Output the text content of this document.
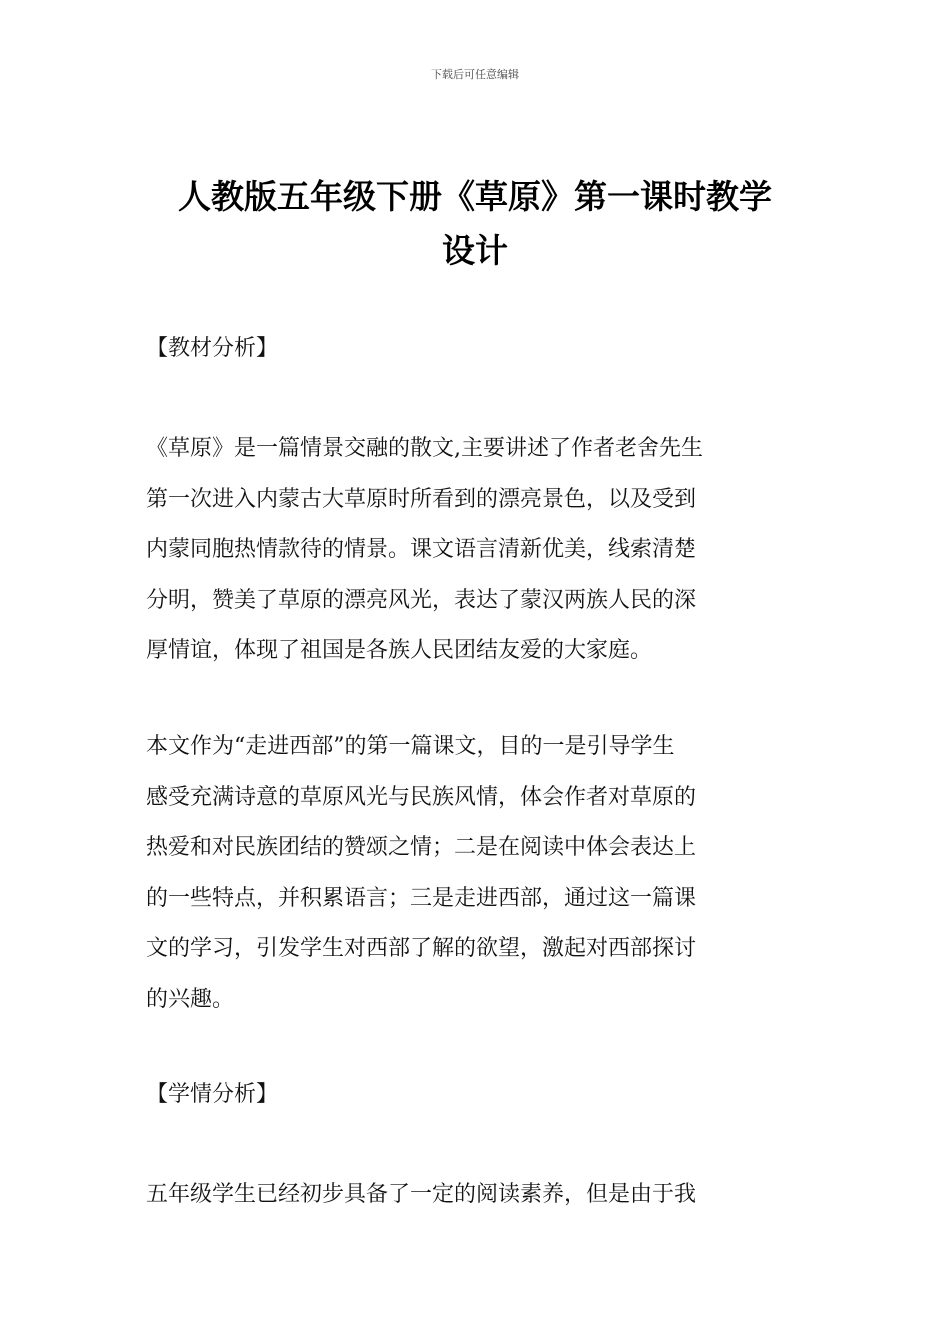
下载后可任意编辑
人教版五年级下册《草原》第一课时教学
设计
【教材分析】
《草原》是一篇情景交融的散文,主要讲述了作者老舍先生
第一次进入内蒙古大草原时所看到的漂亮景色，以及受到
内蒙同胞热情款待的情景。课文语言清新优美，线索清楚
分明，赞美了草原的漂亮风光，表达了蒙汉两族人民的深
厚情谊，体现了祖国是各族人民团结友爱的大家庭。
本文作为“走进西部”的第一篇课文，目的一是引导学生
感受充满诗意的草原风光与民族风情，体会作者对草原的
热爱和对民族团结的赞颂之情；二是在阅读中体会表达上
的一些特点，并积累语言；三是走进西部，通过这一篇课
文的学习，引发学生对西部了解的欲望，激起对西部探讨
的兴趣。
【学情分析】
五年级学生已经初步具备了一定的阅读素养，但是由于我
